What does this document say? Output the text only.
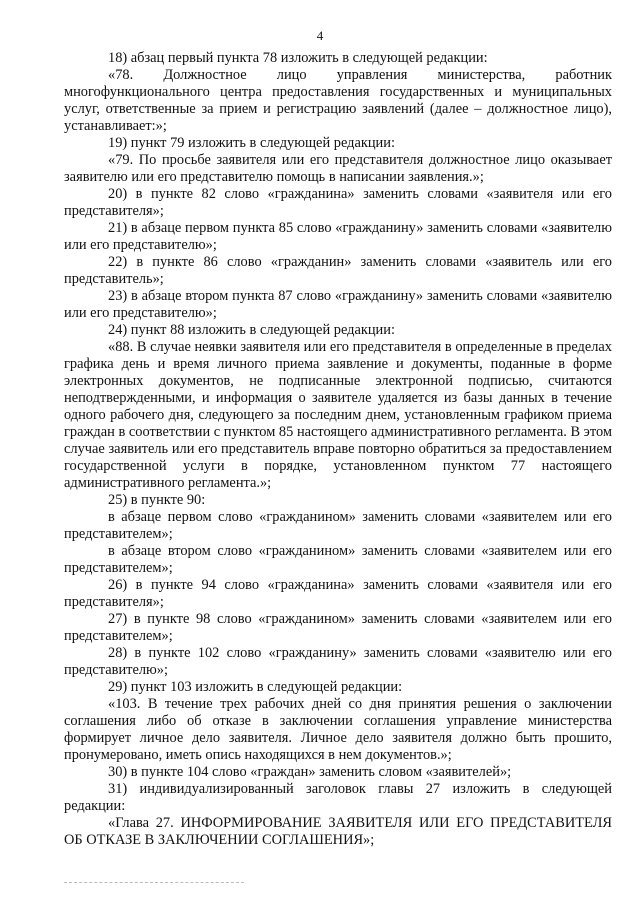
4

18) абзац первый пункта 78 изложить в следующей редакции:

«78. Должностное лицо управления министерства, работник многофункционального центра предоставления государственных и муниципальных услуг, ответственные за прием и регистрацию заявлений (далее – должностное лицо), устанавливает:»;

19) пункт 79 изложить в следующей редакции:

«79. По просьбе заявителя или его представителя должностное лицо оказывает заявителю или его представителю помощь в написании заявления.»;

20) в пункте 82 слово «гражданина» заменить словами «заявителя или его представителя»;

21) в абзаце первом пункта 85 слово «гражданину» заменить словами «заявителю или его представителю»;

22) в пункте 86 слово «гражданин» заменить словами «заявитель или его представитель»;

23) в абзаце втором пункта 87 слово «гражданину» заменить словами «заявителю или его представителю»;

24) пункт 88 изложить в следующей редакции:

«88. В случае неявки заявителя или его представителя в определенные в пределах графика день и время личного приема заявление и документы, поданные в форме электронных документов, не подписанные электронной подписью, считаются неподтвержденными, и информация о заявителе удаляется из базы данных в течение одного рабочего дня, следующего за последним днем, установленным графиком приема граждан в соответствии с пунктом 85 настоящего административного регламента. В этом случае заявитель или его представитель вправе повторно обратиться за предоставлением государственной услуги в порядке, установленном пунктом 77 настоящего административного регламента.»;

25) в пункте 90:

в абзаце первом слово «гражданином» заменить словами «заявителем или его представителем»;

в абзаце втором слово «гражданином» заменить словами «заявителем или его представителем»;

26) в пункте 94 слово «гражданина» заменить словами «заявителя или его представителя»;

27) в пункте 98 слово «гражданином» заменить словами «заявителем или его представителем»;

28) в пункте 102 слово «гражданину» заменить словами «заявителю или его представителю»;

29) пункт 103 изложить в следующей редакции:

«103. В течение трех рабочих дней со дня принятия решения о заключении соглашения либо об отказе в заключении соглашения управление министерства формирует личное дело заявителя. Личное дело заявителя должно быть прошито, пронумеровано, иметь опись находящихся в нем документов.»;

30) в пункте 104 слово «граждан» заменить словом «заявителей»;

31) индивидуализированный заголовок главы 27 изложить в следующей редакции:

«Глава 27. ИНФОРМИРОВАНИЕ ЗАЯВИТЕЛЯ ИЛИ ЕГО ПРЕДСТАВИТЕЛЯ ОБ ОТКАЗЕ В ЗАКЛЮЧЕНИИ СОГЛАШЕНИЯ»;
